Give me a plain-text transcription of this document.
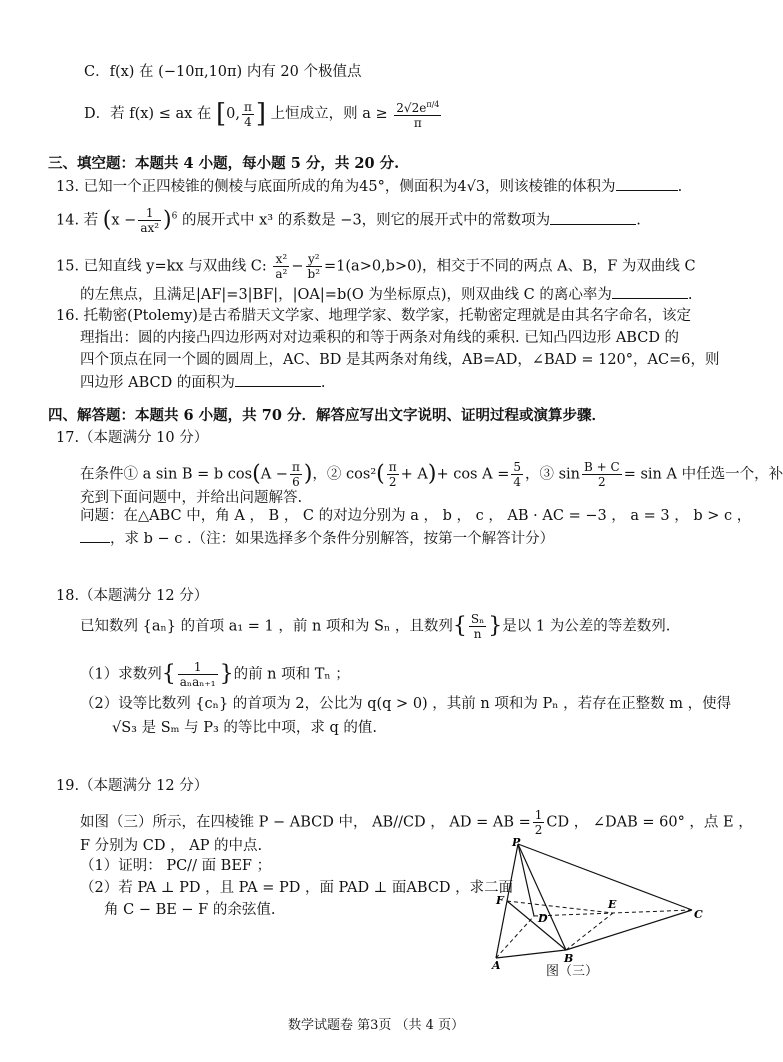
C．f(x) 在 (−10π,10π) 内有 20 个极值点
D．若 f(x) ≤ ax 在 [0, $\frac{\pi}{4}$ ] 上恒成立，则 $a \ge \frac{2√2e^{\pi/4}}{\pi}$
三、填空题：本题共 4 小题，每小题 5 分，共 20 分.
13. 已知一个正四棱锥的侧棱与底面所成的角为45°，侧面积为4√3，则该棱锥的体积为	.
14. 若 $(x - \frac{1}{\text{ax²}} )^6$ 的展开式中 x³ 的系数是 −3，则它的展开式中的常数项为	.
15. 已知直线 y=kx 与双曲线 C: $\frac{\text{x²}}{\text{a²}} - \frac{\text{y²}}{\text{b²}} =1(a>0,b>0)$，相交于不同的两点 A、B，F 为双曲线 C
的左焦点，且满足|AF|=3|BF|，|OA|=b(O 为坐标原点)，则双曲线 C 的离心率为	.
16. 托勒密(Ptolemy)是古希腊天文学家、地理学家、数学家，托勒密定理就是由其名字命名，该定
理指出：圆的内接凸四边形两对对边乘积的和等于两条对角线的乘积. 已知凸四边形 ABCD 的
四个顶点在同一个圆的圆周上，AC、BD 是其两条对角线，AB=AD，∠BAD = 120°，AC=6，则
四边形 ABCD 的面积为	.
四、解答题：本题共 6 小题，共 70 分．解答应写出文字说明、证明过程或演算步骤．
17.（本题满分 10 分）
在条件① a sin B = b $\cos(A - \frac{\pi}{6}$ )，② $\cos^2( \frac{\pi}{2} + A)+ \cos A = \frac{5}{4}$ ，③ $\sin \frac{B + C}{2} = \sin A$ 中任选一个，补
充到下面问题中，并给出问题解答.
问题：在△ABC 中，角 A ， B ， C 的对边分别为 a ， b ， c ， AB · AC = −3 ， a = 3 ， b > c ，
，求 b − c .（注：如果选择多个条件分别解答，按第一个解答计分）
18.（本题满分 12 分）
已知数列 {aₙ} 的首项 a₁ = 1 ，前 n 项和为 Sₙ ，且数列{ $\frac{\text{Sₙ}}{n}$ }是以 1 为公差的等差数列.
（1）求数列{ $\frac{1}{\text{aₙaₙ₊₁}}$ }的前 n 项和 Tₙ ；
（2）设等比数列 {cₙ} 的首项为 2，公比为 q(q > 0) ，其前 n 项和为 Pₙ ，若存在正整数 m ，使得
√S₃ 是 Sₘ 与 P₃ 的等比中项，求 q 的值.
19.（本题满分 12 分）
如图（三）所示，在四棱锥 P − ABCD 中， AB//CD ， AD = AB = $\frac{1}{2}$ CD ， ∠DAB = 60° ，点 E ，
F 分别为 CD ， AP 的中点.
（1）证明： PC// 面 BEF ；
（2）若 PA ⊥ PD ，且 PA = PD ，面 PAD ⊥ 面ABCD ，求二面
角 C − BE − F 的余弦值.
P
F
D
E
C
A
B
图（三）
数学试题卷 第3页 （共 4 页）
